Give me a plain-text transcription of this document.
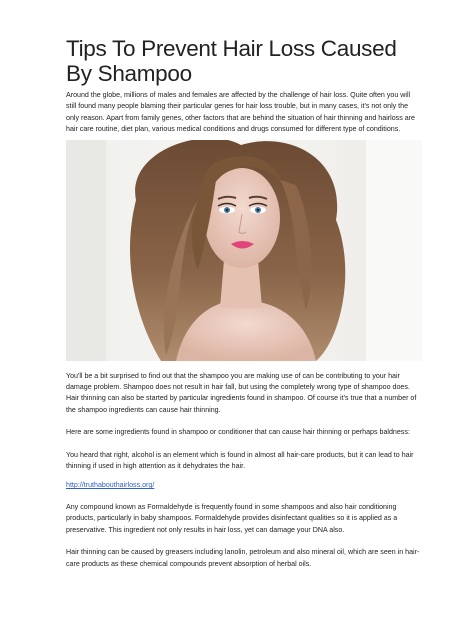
Tips To Prevent Hair Loss Caused By Shampoo

Around the globe, millions of males and females are affected by the challenge of hair loss. Quite often you will still found many people blaming their particular genes for hair loss trouble, but in many cases, it's not only the only reason. Apart from family genes, other factors that are behind the situation of hair thinning and hairloss are hair care routine, diet plan, various medical conditions and drugs consumed for different type of conditions.

You'll be a bit surprised to find out that the shampoo you are making use of can be contributing to your hair damage problem. Shampoo does not result in hair fall, but using the completely wrong type of shampoo does. Hair thinning can also be started by particular ingredients found in shampoo. Of course it's true that a number of the shampoo ingredients can cause hair thinning.

Here are some ingredients found in shampoo or conditioner that can cause hair thinning or perhaps baldness:

You heard that right, alcohol is an element which is found in almost all hair-care products, but it can lead to hair thinning if used in high attention as it dehydrates the hair.

http://truthabouthairloss.org/

Any compound known as Formaldehyde is frequently found in some shampoos and also hair conditioning products, particularly in baby shampoos. Formaldehyde provides disinfectant qualities so it is applied as a preservative. This ingredient not only results in hair loss, yet can damage your DNA also.

Hair thinning can be caused by greasers including lanolin, petroleum and also mineral oil, which are seen in hair-care products as these chemical compounds prevent absorption of herbal oils.
